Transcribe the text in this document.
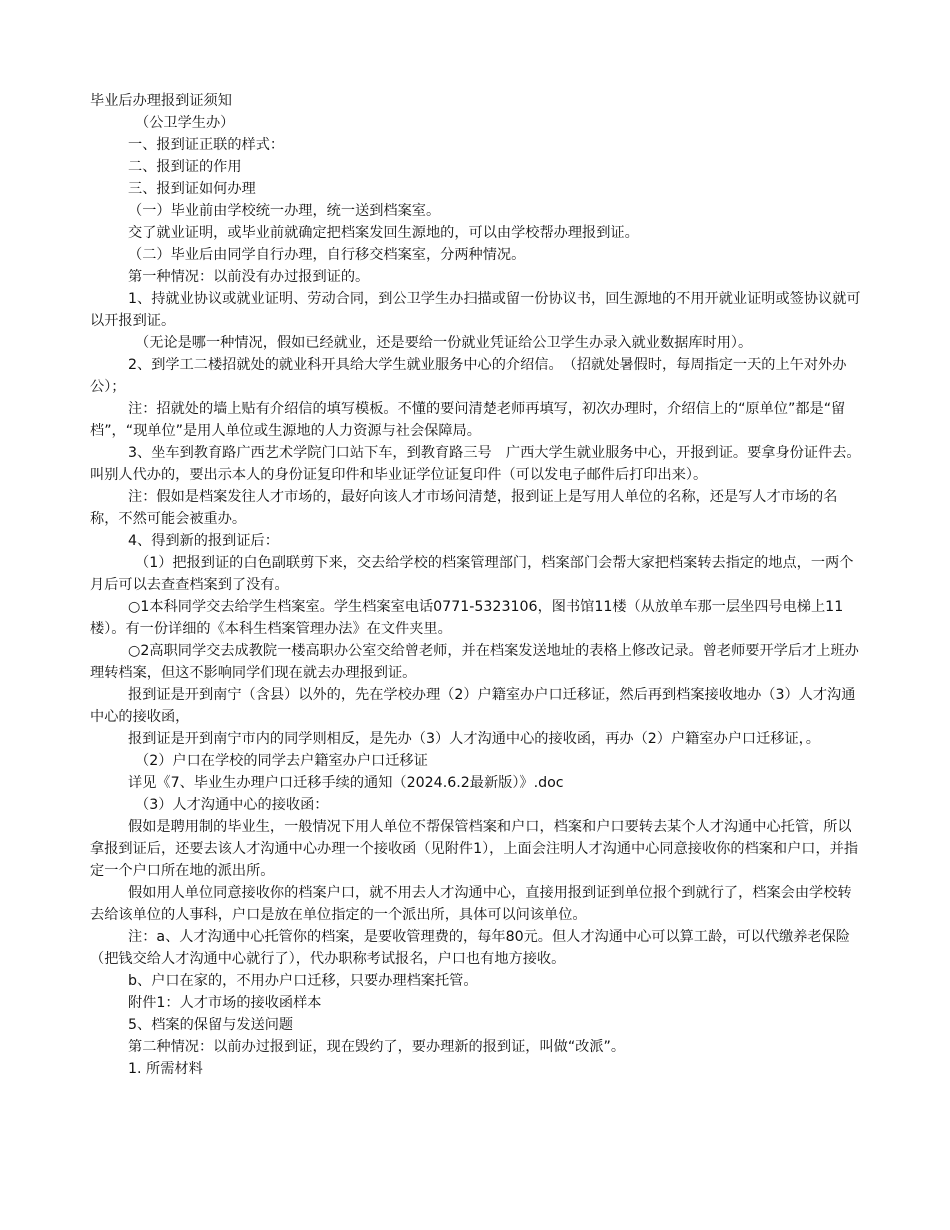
毕业后办理报到证须知

（公卫学生办）

一、报到证正联的样式：

二、报到证的作用

三、报到证如何办理

（一）毕业前由学校统一办理，统一送到档案室。

交了就业证明，或毕业前就确定把档案发回生源地的，可以由学校帮办理报到证。

（二）毕业后由同学自行办理，自行移交档案室，分两种情况。

第一种情况：以前没有办过报到证的。

1、持就业协议或就业证明、劳动合同，到公卫学生办扫描或留一份协议书，回生源地的不用开就业证明或签协议就可以开报到证。

（无论是哪一种情况，假如已经就业，还是要给一份就业凭证给公卫学生办录入就业数据库时用）。

2、到学工二楼招就处的就业科开具给大学生就业服务中心的介绍信。　（招就处暑假时，每周指定一天的上午对外办公）；

注：招就处的墙上贴有介绍信的填写模板。不懂的要问清楚老师再填写，初次办理时，介绍信上的“原单位”都是“留档”，“现单位”是用人单位或生源地的人力资源与社会保障局。

3、坐车到教育路广西艺术学院门口站下车，到教育路三号　广西大学生就业服务中心，开报到证。要拿身份证件去。叫别人代办的，要出示本人的身份证复印件和毕业证学位证复印件（可以发电子邮件后打印出来）。

注：假如是档案发往人才市场的，最好向该人才市场问清楚，报到证上是写用人单位的名称，还是写人才市场的名称，不然可能会被重办。

4、得到新的报到证后：

（1）把报到证的白色副联剪下来，交去给学校的档案管理部门，档案部门会帮大家把档案转去指定的地点，一两个月后可以去查查档案到了没有。

○1本科同学交去给学生档案室。学生档案室电话0771-5323106，图书馆11楼（从放单车那一层坐四号电梯上11楼）。有一份详细的《本科生档案管理办法》在文件夹里。

○2高职同学交去成教院一楼高职办公室交给曾老师，并在档案发送地址的表格上修改记录。曾老师要开学后才上班办理转档案，但这不影响同学们现在就去办理报到证。

报到证是开到南宁（含县）以外的，先在学校办理（2）户籍室办户口迁移证，然后再到档案接收地办（3）人才沟通中心的接收函，

报到证是开到南宁市内的同学则相反，是先办（3）人才沟通中心的接收函，再办（2）户籍室办户口迁移证，。

（2）户口在学校的同学去户籍室办户口迁移证

详见《7、毕业生办理户口迁移手续的通知（2024.6.2最新版）》.doc

（3）人才沟通中心的接收函：

假如是聘用制的毕业生，一般情况下用人单位不帮保管档案和户口，档案和户口要转去某个人才沟通中心托管，所以拿报到证后，还要去该人才沟通中心办理一个接收函（见附件1），上面会注明人才沟通中心同意接收你的档案和户口，并指定一个户口所在地的派出所。

假如用人单位同意接收你的档案户口，就不用去人才沟通中心，直接用报到证到单位报个到就行了，档案会由学校转去给该单位的人事科，户口是放在单位指定的一个派出所，具体可以问该单位。

注：a、人才沟通中心托管你的档案，是要收管理费的，每年80元。但人才沟通中心可以算工龄，可以代缴养老保险（把钱交给人才沟通中心就行了），代办职称考试报名，户口也有地方接收。

b、户口在家的，不用办户口迁移，只要办理档案托管。

附件1：人才市场的接收函样本

5、档案的保留与发送问题

第二种情况：以前办过报到证，现在毁约了，要办理新的报到证，叫做“改派”。

1. 所需材料
